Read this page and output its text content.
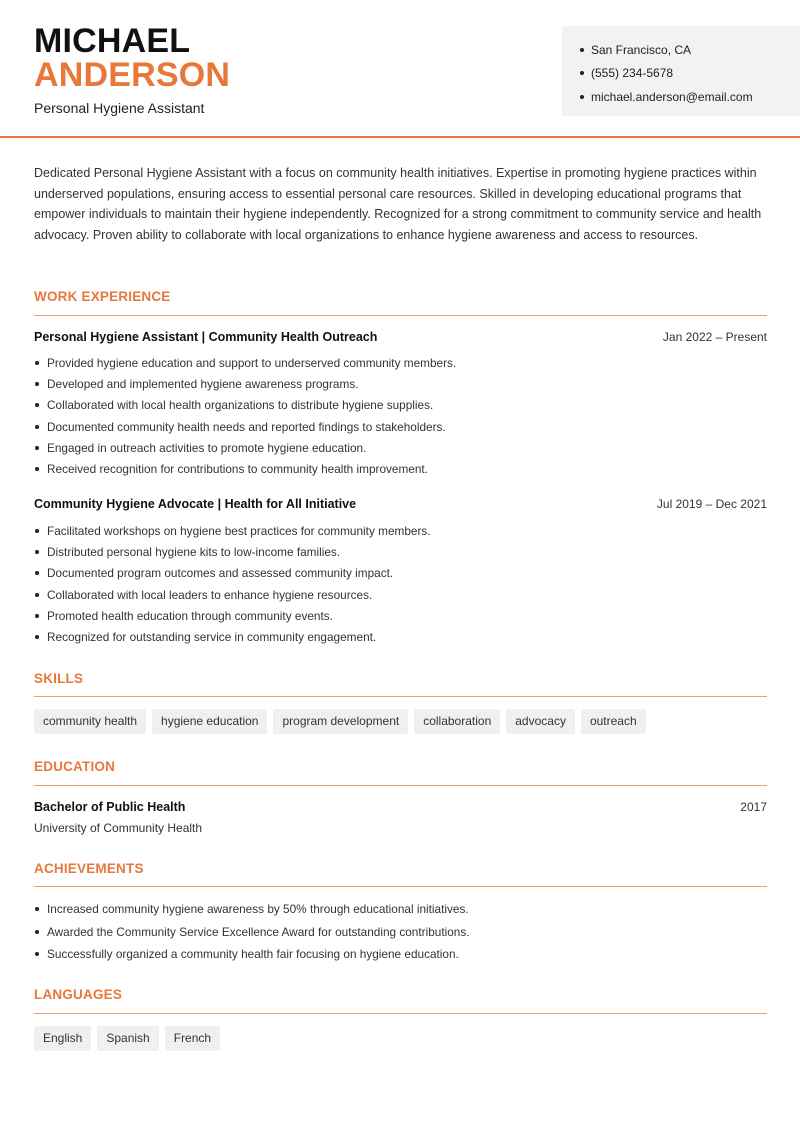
MICHAEL
ANDERSON
Personal Hygiene Assistant
San Francisco, CA
(555) 234-5678
michael.anderson@email.com

Dedicated Personal Hygiene Assistant with a focus on community health initiatives. Expertise in promoting hygiene practices within underserved populations, ensuring access to essential personal care resources. Skilled in developing educational programs that empower individuals to maintain their hygiene independently. Recognized for a strong commitment to community service and health advocacy. Proven ability to collaborate with local organizations to enhance hygiene awareness and access to resources.

WORK EXPERIENCE
Personal Hygiene Assistant | Community Health Outreach	Jan 2022 – Present
Provided hygiene education and support to underserved community members.
Developed and implemented hygiene awareness programs.
Collaborated with local health organizations to distribute hygiene supplies.
Documented community health needs and reported findings to stakeholders.
Engaged in outreach activities to promote hygiene education.
Received recognition for contributions to community health improvement.
Community Hygiene Advocate | Health for All Initiative	Jul 2019 – Dec 2021
Facilitated workshops on hygiene best practices for community members.
Distributed personal hygiene kits to low-income families.
Documented program outcomes and assessed community impact.
Collaborated with local leaders to enhance hygiene resources.
Promoted health education through community events.
Recognized for outstanding service in community engagement.
SKILLS
community health	hygiene education	program development	collaboration	advocacy	outreach
EDUCATION
Bachelor of Public Health	2017
University of Community Health
ACHIEVEMENTS
Increased community hygiene awareness by 50% through educational initiatives.
Awarded the Community Service Excellence Award for outstanding contributions.
Successfully organized a community health fair focusing on hygiene education.
LANGUAGES
English	Spanish	French
